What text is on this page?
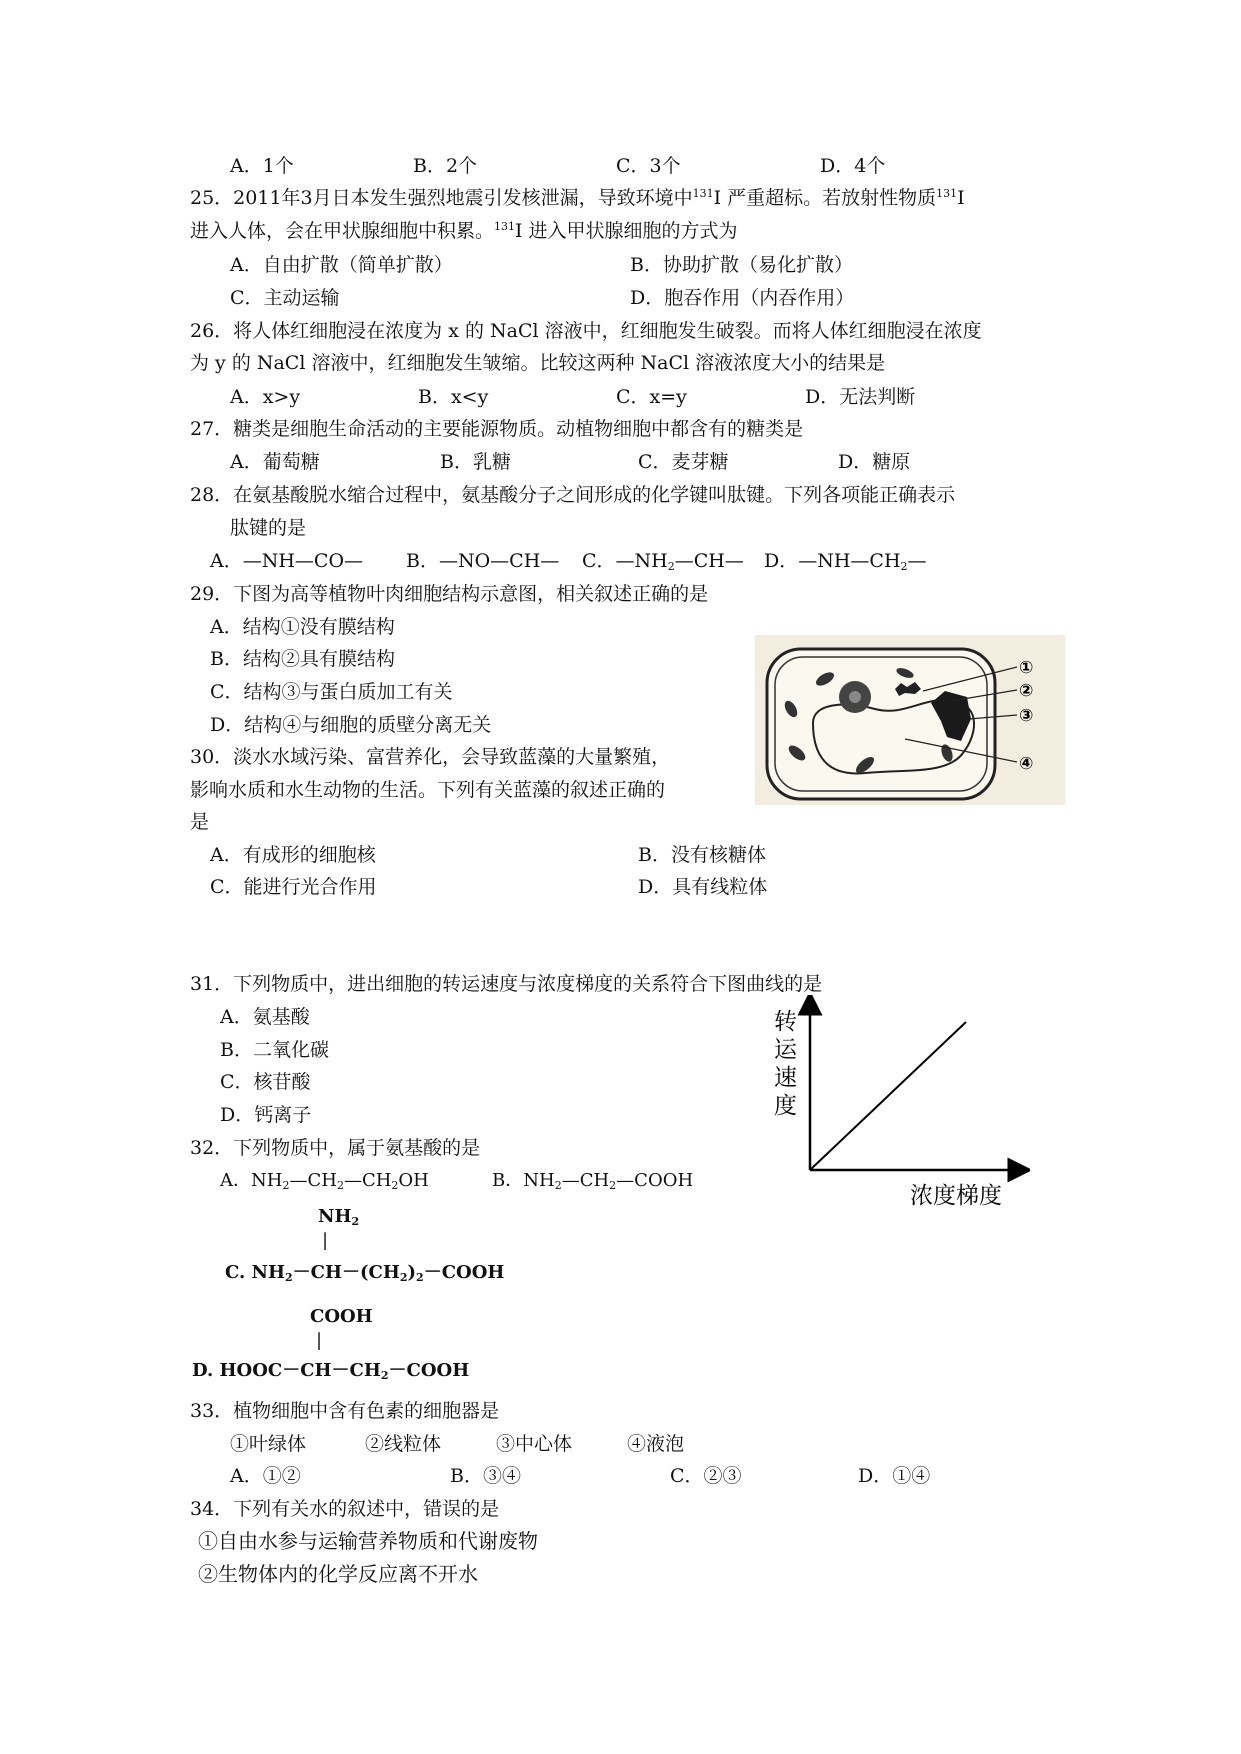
A．1个	B．2个	C．3个	D．4个
25．2011年3月日本发生强烈地震引发核泄漏，导致环境中$^{131}$I 严重超标。若放射性物质$^{131}$I
进入人体，会在甲状腺细胞中积累。$^{131}$I 进入甲状腺细胞的方式为
A．自由扩散（简单扩散）	B．协助扩散（易化扩散）
C．主动运输	D．胞吞作用（内吞作用）
26．将人体红细胞浸在浓度为 x 的 NaCl 溶液中，红细胞发生破裂。而将人体红细胞浸在浓度
为 y 的 NaCl 溶液中，红细胞发生皱缩。比较这两种 NaCl 溶液浓度大小的结果是
A．x>y	B．x<y	C．x=y	D．无法判断
27．糖类是细胞生命活动的主要能源物质。动植物细胞中都含有的糖类是
A．葡萄糖	B．乳糖	C．麦芽糖	D．糖原
28．在氨基酸脱水缩合过程中，氨基酸分子之间形成的化学键叫肽键。下列各项能正确表示
肽键的是
A．—NH—CO— B．—NO—CH— C．$—NH_2—CH—$ D．$—NH—CH_2—$
29．下图为高等植物叶肉细胞结构示意图，相关叙述正确的是
A．结构①没有膜结构
B．结构②具有膜结构
C．结构③与蛋白质加工有关
D．结构④与细胞的质壁分离无关
①
②
③
④
30．淡水水域污染、富营养化，会导致蓝藻的大量繁殖，
影响水质和水生动物的生活。下列有关蓝藻的叙述正确的
是
A．有成形的细胞核	B．没有核糖体
C．能进行光合作用	D．具有线粒体
31．下列物质中，进出细胞的转运速度与浓度梯度的关系符合下图曲线的是
A．氨基酸
B．二氧化碳
C．核苷酸
D．钙离子
转
运
速
度
浓度梯度
32．下列物质中，属于氨基酸的是
A．$NH_2—CH_2—CH_2OH$	B．$NH_2—CH_2—COOH$
$NH_2$
|
C. $NH_2-CH-(CH_2)_2-COOH$
COOH
|
D. $HOOC-CH-CH_2-COOH$
33．植物细胞中含有色素的细胞器是
①叶绿体	②线粒体	③中心体	④液泡
A．①②	B．③④	C．②③	D．①④
34．下列有关水的叙述中，错误的是
①自由水参与运输营养物质和代谢废物
②生物体内的化学反应离不开水
